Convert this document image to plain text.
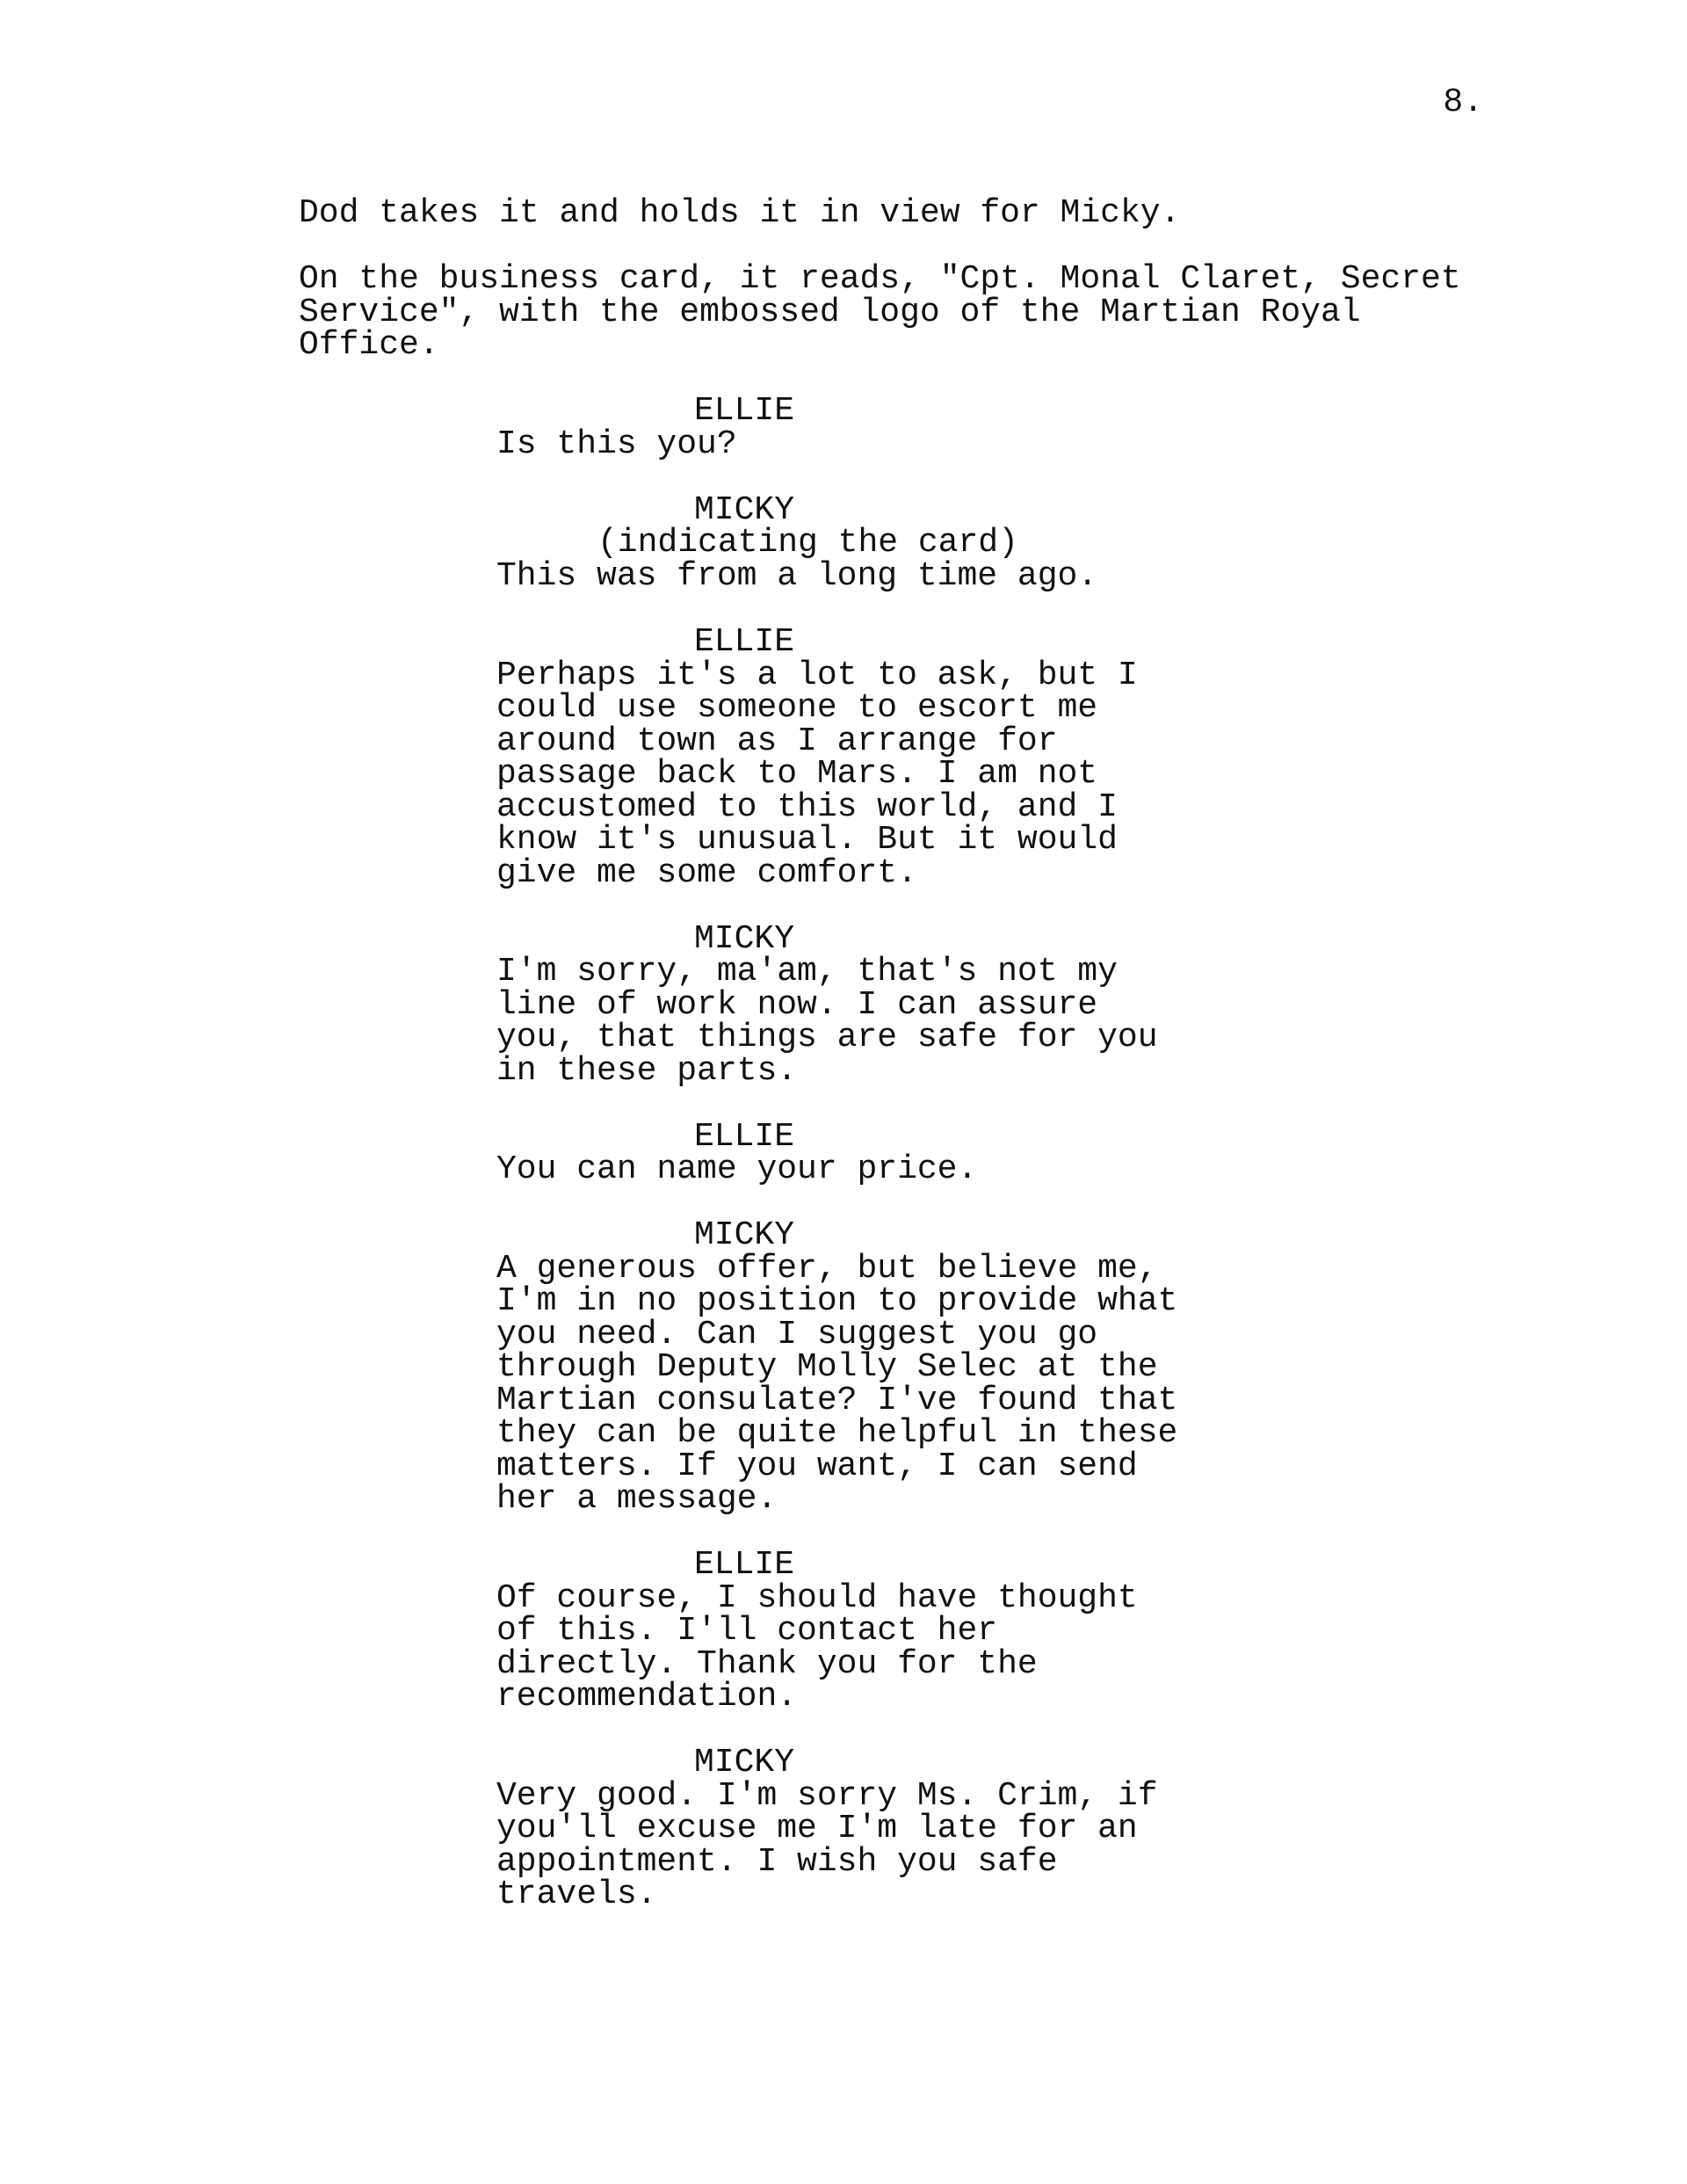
8.
Dod takes it and holds it in view for Micky.
On the business card, it reads, "Cpt. Monal Claret, Secret
Service", with the embossed logo of the Martian Royal
Office.
ELLIE
Is this you?
MICKY
(indicating the card)
This was from a long time ago.
ELLIE
Perhaps it's a lot to ask, but I
could use someone to escort me
around town as I arrange for
passage back to Mars. I am not
accustomed to this world, and I
know it's unusual. But it would
give me some comfort.
MICKY
I'm sorry, ma'am, that's not my
line of work now. I can assure
you, that things are safe for you
in these parts.
ELLIE
You can name your price.
MICKY
A generous offer, but believe me,
I'm in no position to provide what
you need. Can I suggest you go
through Deputy Molly Selec at the
Martian consulate? I've found that
they can be quite helpful in these
matters. If you want, I can send
her a message.
ELLIE
Of course, I should have thought
of this. I'll contact her
directly. Thank you for the
recommendation.
MICKY
Very good. I'm sorry Ms. Crim, if
you'll excuse me I'm late for an
appointment. I wish you safe
travels.
